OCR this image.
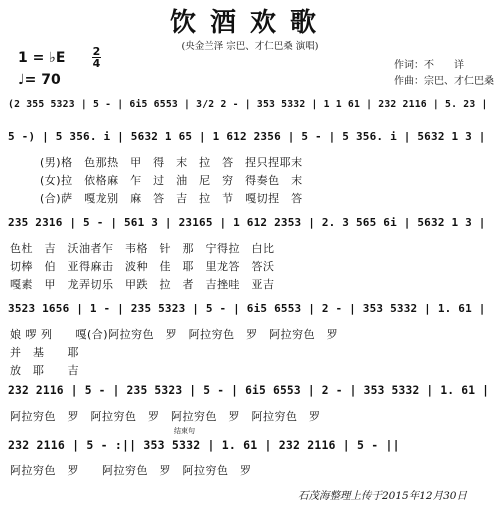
饮酒欢歌
(央金兰泽 宗巴、才仁巴桑 演唱)
1 = ♭E 2
4
♩= 70
作词：不　　详
作曲：宗巴、才仁巴桑
(2 355 5323 | 5 - | 6i5 6553 | 3/2 2 - | 353 5332 | 1 1 61 | 232 2116 | 5. 23 |
5 -) | 5 356. i | 5632 1 65 | 1 612 2356 | 5 - | 5 356. i | 5632 1 3 |
(男)格　色那热　甲　得　末　拉　答　捏只捏耶末
(女)拉　依格麻　乍　过　油　尼　穷　得奏色　末
(合)萨　嘎龙别　麻　答　吉　拉　节　嘎切捏　答
235 2316 | 5 - | 561 3 | 23165 | 1 612 2353 | 2. 3 565 6i | 5632 1 3 |
色杜　吉　沃油者乍　韦格　针　那　宁得拉　白比
切棒　伯　亚得麻击　波种　佳　耶　里龙答　答沃
嘎素　甲　龙弄切乐　甲跌　拉　者　吉挫哇　亚吉
3523 1656 | 1 - | 235 5323 | 5 - | 6i5 6553 | 2 - | 353 5332 | 1. 61 |
娘 啰 列　　嘎(合)阿拉穷色　罗　阿拉穷色　罗　阿拉穷色　罗
并　基　　耶
放　耶　　吉
232 2116 | 5 - | 235 5323 | 5 - | 6i5 6553 | 2 - | 353 5332 | 1. 61 |
阿拉穷色　罗　阿拉穷色　罗　阿拉穷色　罗　阿拉穷色　罗
结束句
232 2116 | 5 - :|| 353 5332 | 1. 61 | 232 2116 | 5 - ||
阿拉穷色　罗　　阿拉穷色　罗　阿拉穷色　罗
石茂海整理上传于2015年12月30日
